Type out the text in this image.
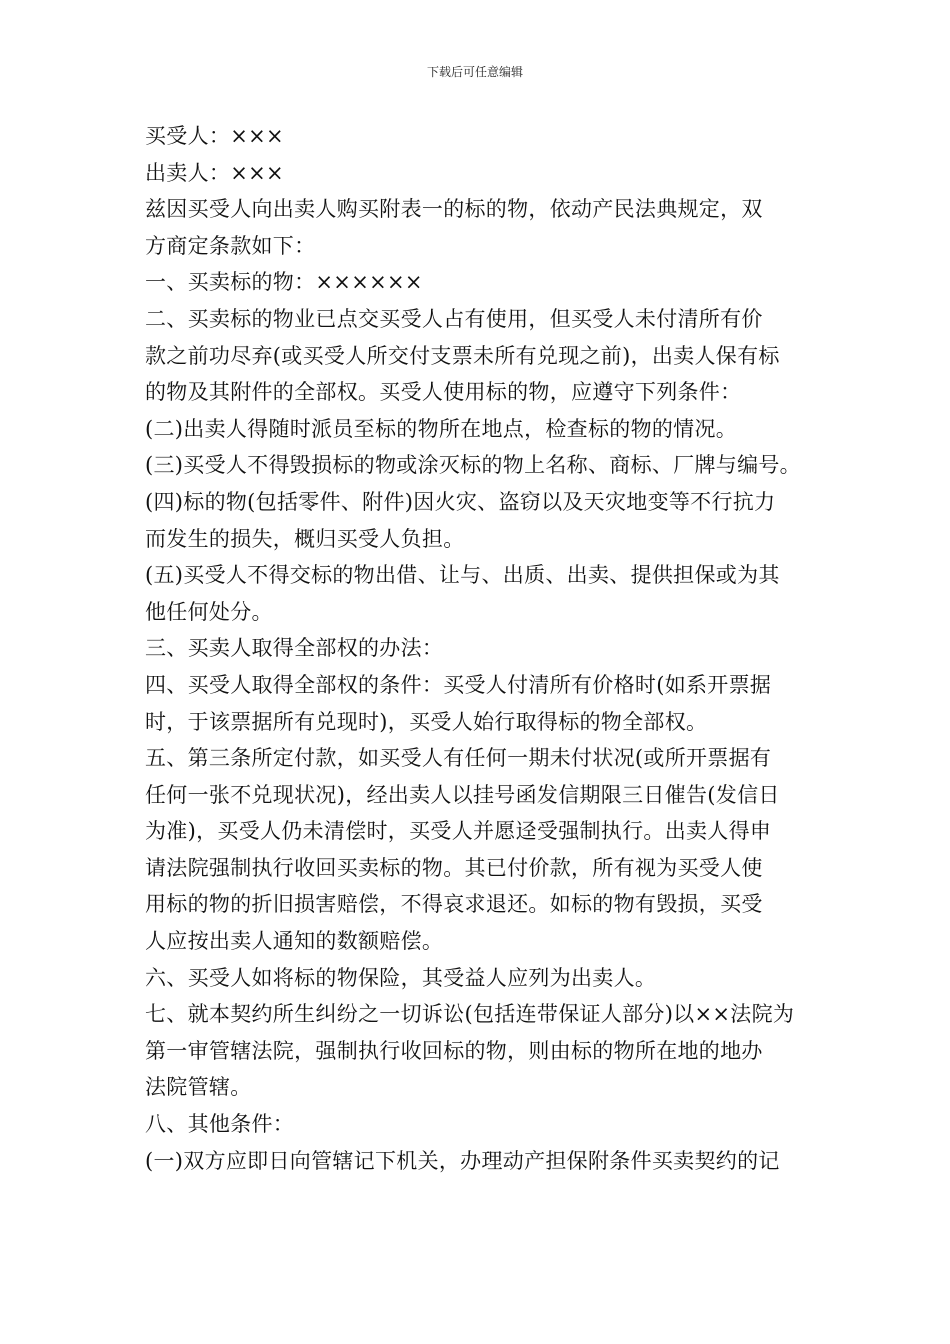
下载后可任意编辑
买受人：×××
出卖人：×××
兹因买受人向出卖人购买附表一的标的物，依动产民法典规定，双
方商定条款如下：
一、买卖标的物：××××××
二、买卖标的物业已点交买受人占有使用，但买受人未付清所有价
款之前功尽弃(或买受人所交付支票未所有兑现之前)，出卖人保有标
的物及其附件的全部权。买受人使用标的物，应遵守下列条件：
(二)出卖人得随时派员至标的物所在地点，检查标的物的情况。
(三)买受人不得毁损标的物或涂灭标的物上名称、商标、厂牌与编号。
(四)标的物(包括零件、附件)因火灾、盗窃以及天灾地变等不行抗力
而发生的损失，概归买受人负担。
(五)买受人不得交标的物出借、让与、出质、出卖、提供担保或为其
他任何处分。
三、买卖人取得全部权的办法：
四、买受人取得全部权的条件：买受人付清所有价格时(如系开票据
时，于该票据所有兑现时)，买受人始行取得标的物全部权。
五、第三条所定付款，如买受人有任何一期未付状况(或所开票据有
任何一张不兑现状况)，经出卖人以挂号函发信期限三日催告(发信日
为准)，买受人仍未清偿时，买受人并愿迳受强制执行。出卖人得申
请法院强制执行收回买卖标的物。其已付价款，所有视为买受人使
用标的物的折旧损害赔偿，不得哀求退还。如标的物有毁损，买受
人应按出卖人通知的数额赔偿。
六、买受人如将标的物保险，其受益人应列为出卖人。
七、就本契约所生纠纷之一切诉讼(包括连带保证人部分)以××法院为
第一审管辖法院，强制执行收回标的物，则由标的物所在地的地办
法院管辖。
八、其他条件：
(一)双方应即日向管辖记下机关，办理动产担保附条件买卖契约的记
